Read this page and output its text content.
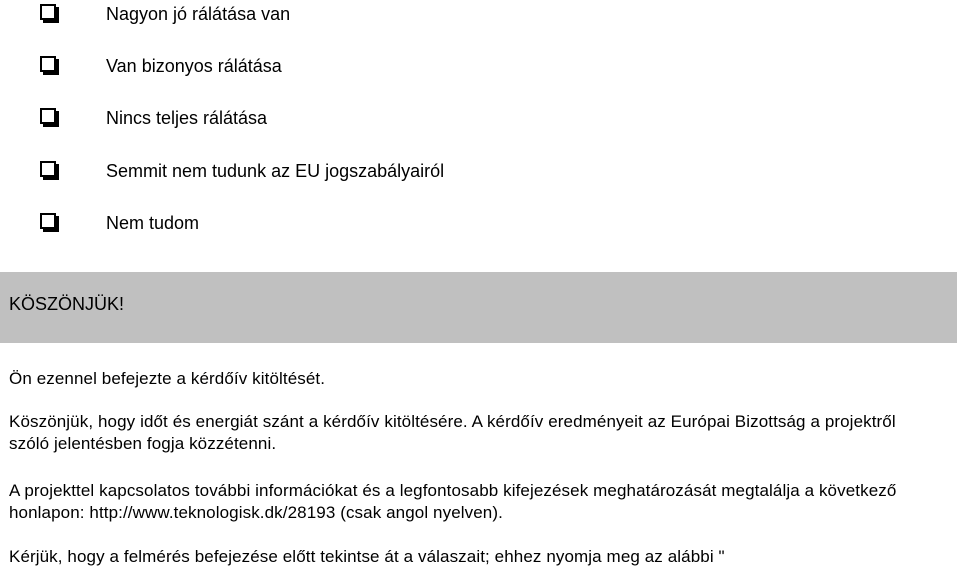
Nagyon jó rálátása van
Van bizonyos rálátása
Nincs teljes rálátása
Semmit nem tudunk az EU jogszabályairól
Nem tudom
KÖSZÖNJÜK!

Ön ezennel befejezte a kérdőív kitöltését.

Köszönjük, hogy időt és energiát szánt a kérdőív kitöltésére. A kérdőív eredményeit az Európai Bizottság a projektről szóló jelentésben fogja közzétenni.

A projekttel kapcsolatos további információkat és a legfontosabb kifejezések meghatározását megtalálja a következő honlapon: http://www.teknologisk.dk/28193 (csak angol nyelven).

Kérjük, hogy a felmérés befejezése előtt tekintse át a válaszait; ehhez nyomja meg az alábbi "
